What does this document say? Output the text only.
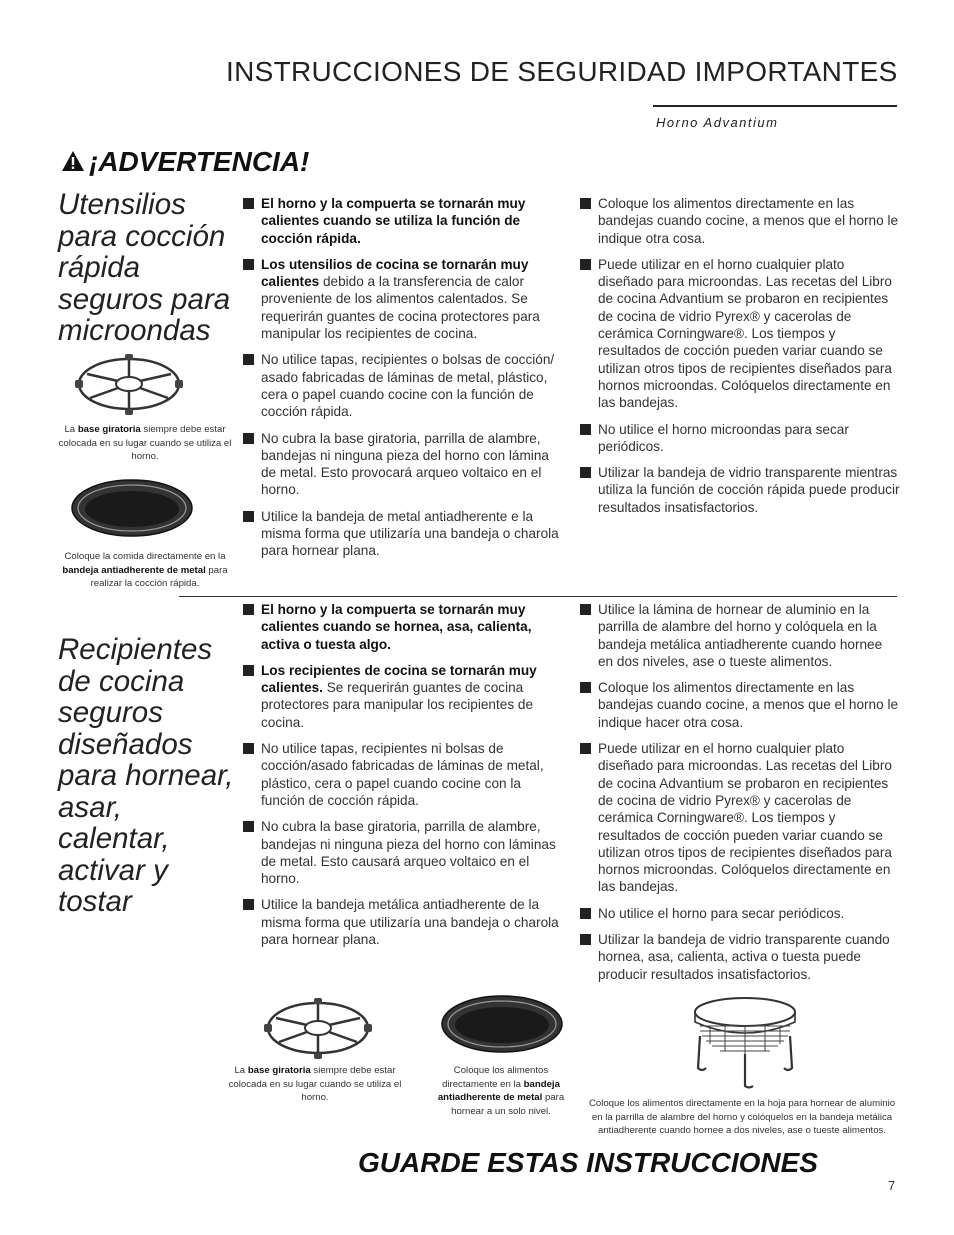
INSTRUCCIONES DE SEGURIDAD IMPORTANTES
Horno Advantium
¡ADVERTENCIA!
Utensilios para cocción rápida seguros para microondas
La base giratoria siempre debe estar colocada en su lugar cuando se utiliza el horno.
Coloque la comida directamente en la bandeja antiadherente de metal para realizar la cocción rápida.

El horno y la compuerta se tornarán muy calientes cuando se utiliza la función de cocción rápida.

Los utensilios de cocina se tornarán muy calientes debido a la transferencia de calor proveniente de los alimentos calentados. Se requerirán guantes de cocina protectores para manipular los recipientes de cocina.

No utilice tapas, recipientes o bolsas de cocción/ asado fabricadas de láminas de metal, plástico, cera o papel cuando cocine con la función de cocción rápida.

No cubra la base giratoria, parrilla de alambre, bandejas ni ninguna pieza del horno con lámina de metal. Esto provocará arqueo voltaico en el horno.

Utilice la bandeja de metal antiadherente e la misma forma que utilizaría una bandeja o charola para hornear plana.

Coloque los alimentos directamente en las bandejas cuando cocine, a menos que el horno le indique otra cosa.

Puede utilizar en el horno cualquier plato diseñado para microondas. Las recetas del Libro de cocina Advantium se probaron en recipientes de cocina de vidrio Pyrex® y cacerolas de cerámica Corningware®. Los tiempos y resultados de cocción pueden variar cuando se utilizan otros tipos de recipientes diseñados para hornos microondas. Colóquelos directamente en las bandejas.

No utilice el horno microondas para secar periódicos.

Utilizar la bandeja de vidrio transparente mientras utiliza la función de cocción rápida puede producir resultados insatisfactorios.

Recipientes de cocina seguros diseñados para hornear, asar, calentar, activar y tostar

El horno y la compuerta se tornarán muy calientes cuando se hornea, asa, calienta, activa o tuesta algo.

Los recipientes de cocina se tornarán muy calientes. Se requerirán guantes de cocina protectores para manipular los recipientes de cocina.

No utilice tapas, recipientes ni bolsas de cocción/asado fabricadas de láminas de metal, plástico, cera o papel cuando cocine con la función de cocción rápida.

No cubra la base giratoria, parrilla de alambre, bandejas ni ninguna pieza del horno con láminas de metal. Esto causará arqueo voltaico en el horno.

Utilice la bandeja metálica antiadherente de la misma forma que utilizaría una bandeja o charola para hornear plana.

Utilice la lámina de hornear de aluminio en la parrilla de alambre del horno y colóquela en la bandeja metálica antiadherente cuando hornee en dos niveles, ase o tueste alimentos.

Coloque los alimentos directamente en las bandejas cuando cocine, a menos que el horno le indique hacer otra cosa.

Puede utilizar en el horno cualquier plato diseñado para microondas. Las recetas del Libro de cocina Advantium se probaron en recipientes de cocina de vidrio Pyrex® y cacerolas de cerámica Corningware®. Los tiempos y resultados de cocción pueden variar cuando se utilizan otros tipos de recipientes diseñados para hornos microondas. Colóquelos directamente en las bandejas.

No utilice el horno para secar periódicos.

Utilizar la bandeja de vidrio transparente cuando hornea, asa, calienta, activa o tuesta puede producir resultados insatisfactorios.

La base giratoria siempre debe estar colocada en su lugar cuando se utiliza el horno.
Coloque los alimentos directamente en la bandeja antiadherente de metal para hornear a un solo nivel.
Coloque los alimentos directamente en la hoja para hornear de aluminio en la parrilla de alambre del horno y colóquelos en la bandeja metálica antiadherente cuando hornee a dos niveles, ase o tueste alimentos.
GUARDE ESTAS INSTRUCCIONES
7
